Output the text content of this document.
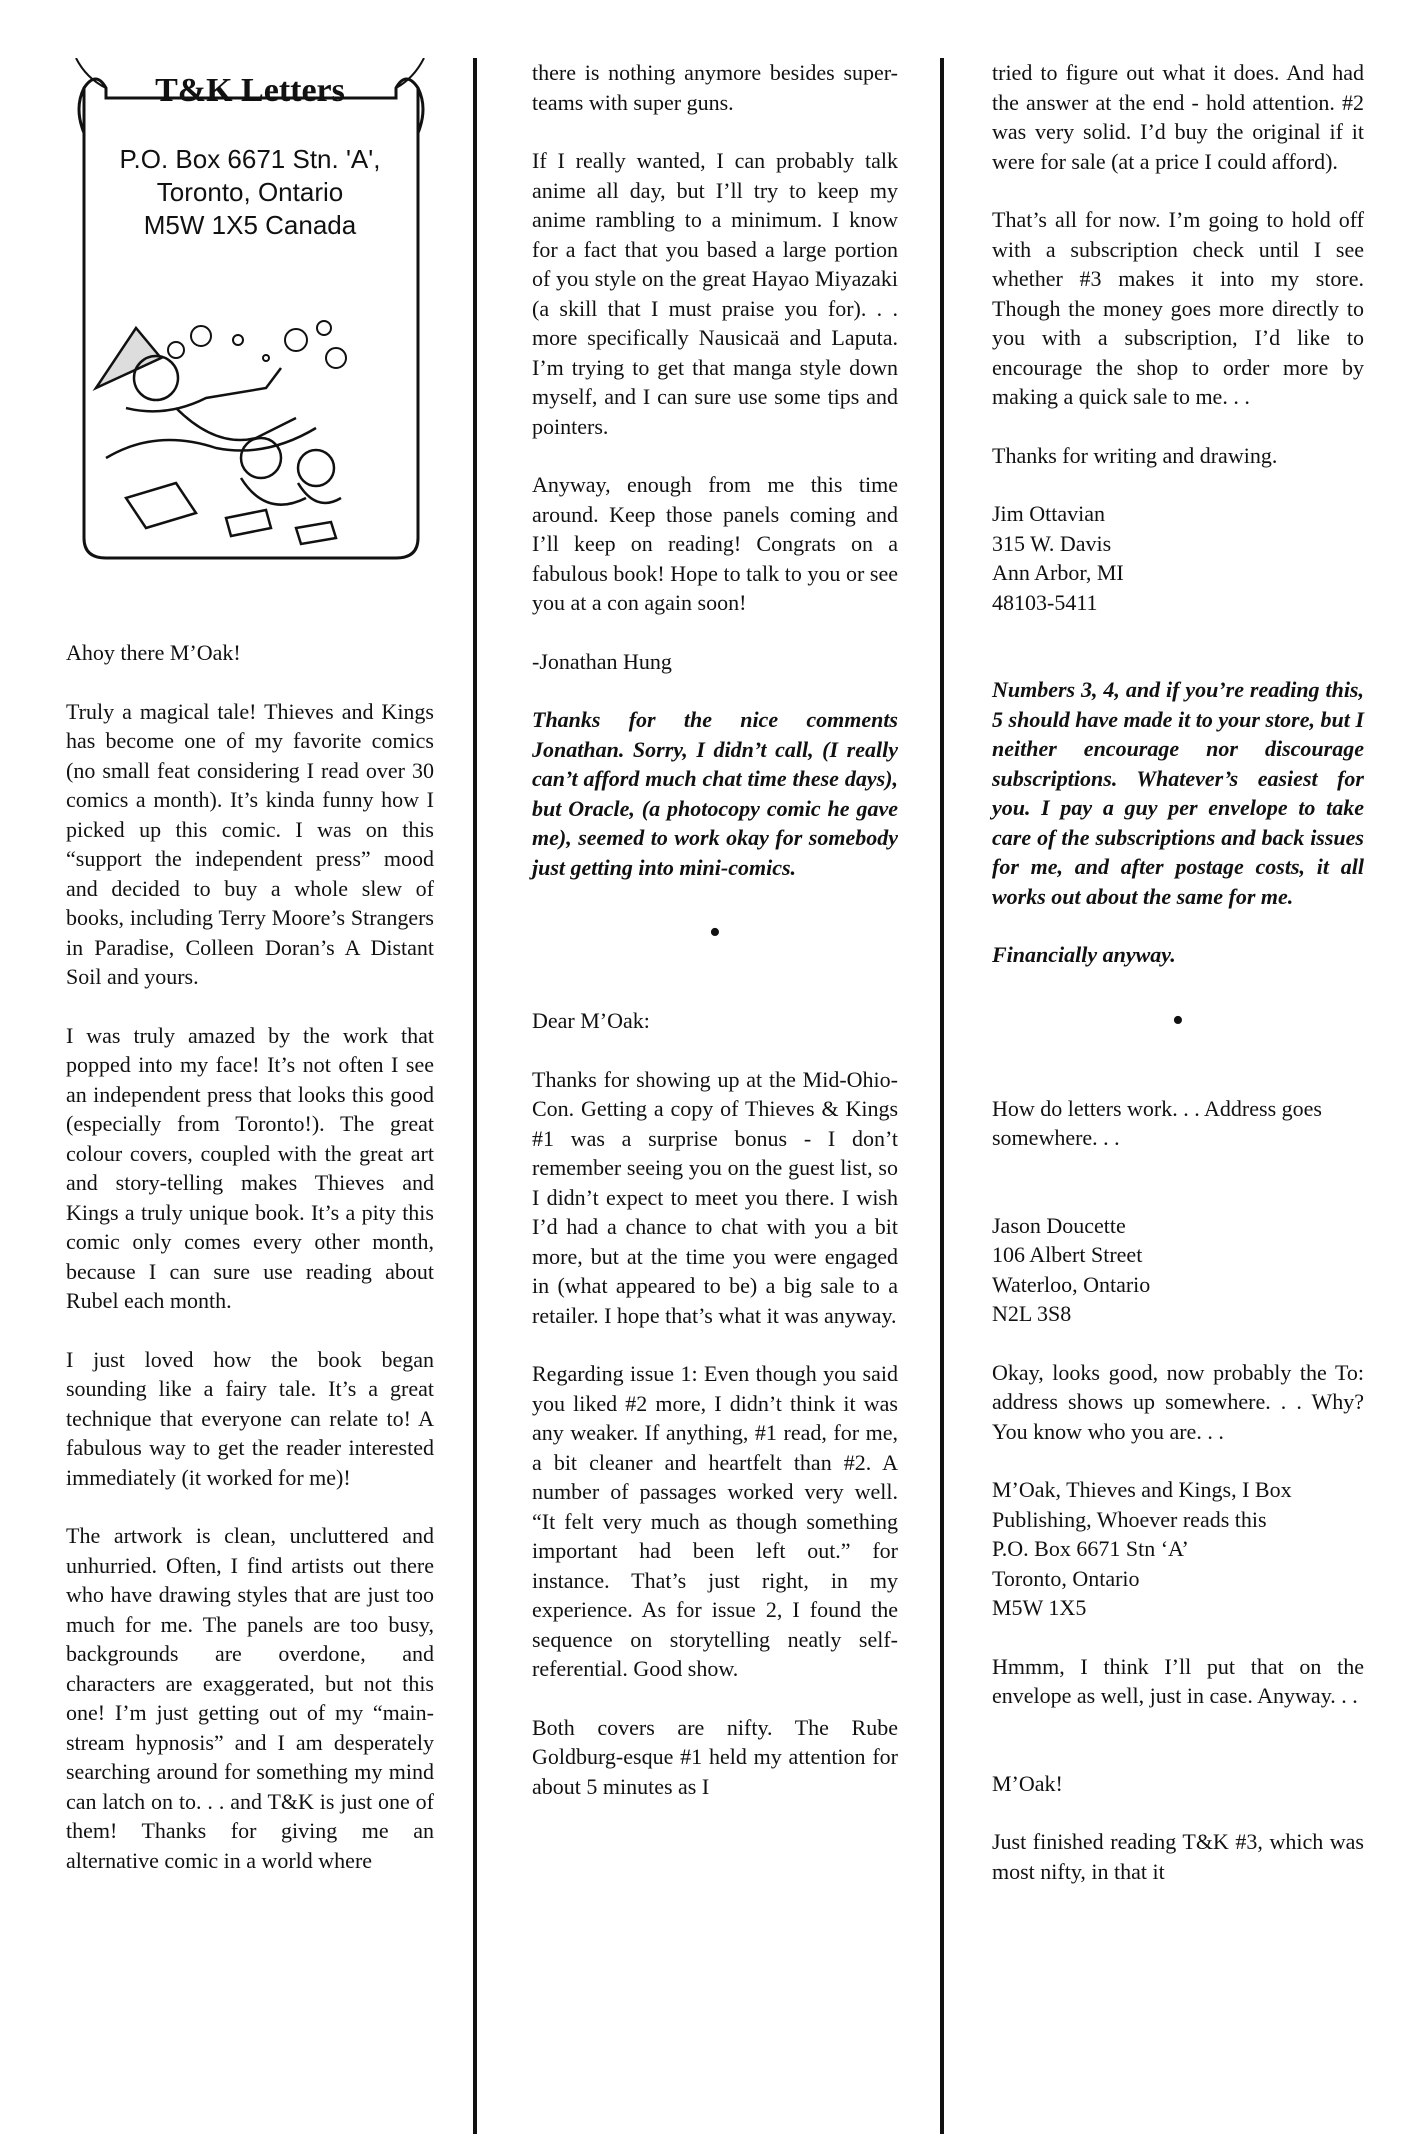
T&K Letters
P.O. Box 6671 Stn. 'A',
Toronto, Ontario
M5W 1X5 Canada

Ahoy there M’Oak!

Truly a magical tale! Thieves and Kings has become one of my favorite comics (no small feat considering I read over 30 comics a month). It’s kinda funny how I picked up this comic. I was on this “support the independent press” mood and decided to buy a whole slew of books, including Terry Moore’s Strangers in Paradise, Colleen Doran’s A Distant Soil and yours.

I was truly amazed by the work that popped into my face! It’s not often I see an independent press that looks this good (especially from Toronto!). The great colour covers, coupled with the great art and story-telling makes Thieves and Kings a truly unique book. It’s a pity this comic only comes every other month, because I can sure use reading about Rubel each month.

I just loved how the book began sounding like a fairy tale. It’s a great technique that everyone can relate to! A fabulous way to get the reader interested immediately (it worked for me)!

The artwork is clean, uncluttered and unhurried. Often, I find artists out there who have drawing styles that are just too much for me. The panels are too busy, backgrounds are overdone, and characters are exaggerated, but not this one! I’m just getting out of my “main-stream hypnosis” and I am desperately searching around for something my mind can latch on to. . . and T&K is just one of them! Thanks for giving me an alternative comic in a world where

there is nothing anymore besides super-teams with super guns.

If I really wanted, I can probably talk anime all day, but I’ll try to keep my anime rambling to a minimum. I know for a fact that you based a large portion of you style on the great Hayao Miyazaki (a skill that I must praise you for). . . more specifically Nausicaä and Laputa. I’m trying to get that manga style down myself, and I can sure use some tips and pointers.

Anyway, enough from me this time around. Keep those panels coming and I’ll keep on reading! Congrats on a fabulous book! Hope to talk to you or see you at a con again soon!

-Jonathan Hung

Thanks for the nice comments Jonathan. Sorry, I didn’t call, (I really can’t afford much chat time these days), but Oracle, (a photocopy comic he gave me), seemed to work okay for somebody just getting into mini-comics.

•

Dear M’Oak:

Thanks for showing up at the Mid-Ohio-Con. Getting a copy of Thieves & Kings #1 was a surprise bonus - I don’t remember seeing you on the guest list, so I didn’t expect to meet you there. I wish I’d had a chance to chat with you a bit more, but at the time you were engaged in (what appeared to be) a big sale to a retailer. I hope that’s what it was anyway.

Regarding issue 1: Even though you said you liked #2 more, I didn’t think it was any weaker. If anything, #1 read, for me, a bit cleaner and heartfelt than #2. A number of passages worked very well. “It felt very much as though something important had been left out.” for instance. That’s just right, in my experience. As for issue 2, I found the sequence on storytelling neatly self-referential. Good show.

Both covers are nifty. The Rube Goldburg-esque #1 held my attention for about 5 minutes as I

tried to figure out what it does. And had the answer at the end - hold attention. #2 was very solid. I’d buy the original if it were for sale (at a price I could afford).

That’s all for now. I’m going to hold off with a subscription check until I see whether #3 makes it into my store. Though the money goes more directly to you with a subscription, I’d like to encourage the shop to order more by making a quick sale to me. . .

Thanks for writing and drawing.

Jim Ottavian
315 W. Davis
Ann Arbor, MI
48103-5411

Numbers 3, 4, and if you’re reading this, 5 should have made it to your store, but I neither encourage nor discourage subscriptions. Whatever’s easiest for you. I pay a guy per envelope to take care of the subscriptions and back issues for me, and after postage costs, it all works out about the same for me.

Financially anyway.

•

How do letters work. . . Address goes somewhere. . .

Jason Doucette
106 Albert Street
Waterloo, Ontario
N2L 3S8

Okay, looks good, now probably the To: address shows up somewhere. . . Why? You know who you are. . .

M’Oak, Thieves and Kings, I Box Publishing, Whoever reads this
P.O. Box 6671 Stn ‘A’
Toronto, Ontario
M5W 1X5

Hmmm, I think I’ll put that on the envelope as well, just in case. Anyway. . .

M’Oak!

Just finished reading T&K #3, which was most nifty, in that it
